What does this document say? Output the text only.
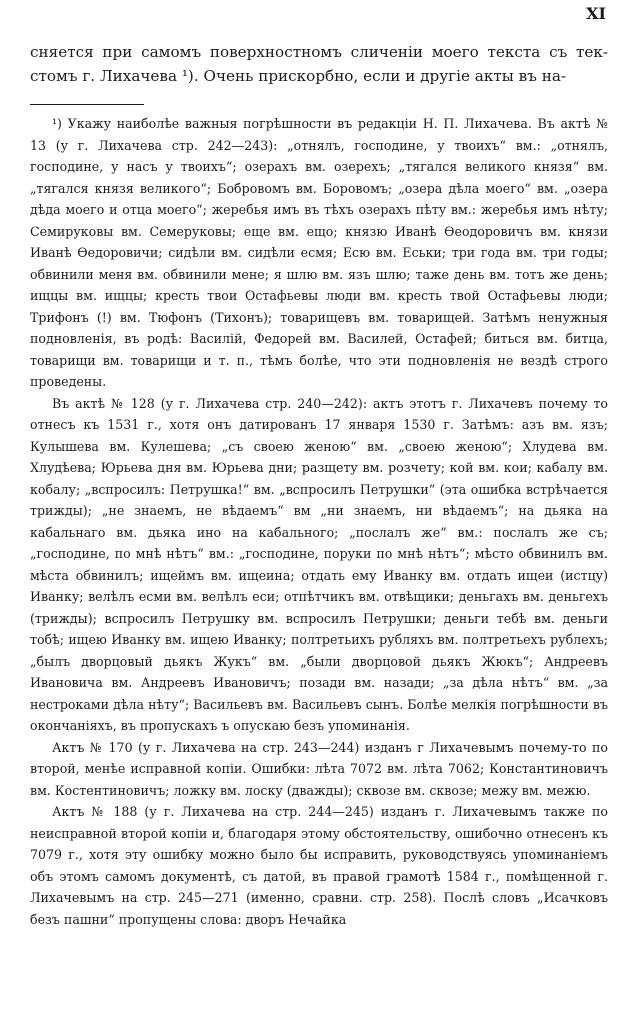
XI

сняется при самомъ поверхностномъ сличеніи моего текста съ тек-

стомъ г. Лихачева ¹). Очень прискорбно, если и другіе акты въ на-

¹) Укажу наиболѣе важныя погрѣшности въ редакціи Н. П. Лихачева. Въ актѣ № 13 (у г. Лихачева стр. 242—243): „отнялъ, господине, у твоихъ“ вм.: „отнялъ, господине, у насъ у твоихъ“; озерахъ вм. озерехъ; „тягался великого князя“ вм. „тягался князя великого“; Бобровомъ вм. Боровомъ; „озера дѣла моего“ вм. „озера дѣда моего и отца моего“; жеребья имъ въ тѣхъ озерахъ пѣту вм.: жеребья имъ нѣту; Семируковы вм. Семеруковы; еще вм. ещо; князю Иванѣ Ѳеодоровичъ вм. князи Иванѣ Ѳедоровичи; сидѣли вм. сидѣли есмя; Есю вм. Еськи; три года вм. три годы; обвинили меня вм. обвинили мене; я шлю вм. язъ шлю; таже день вм. тотъ же день; ищцы вм. ищцы; кресть твои Остафьевы люди вм. кресть твой Остафьевы люди; Трифонъ (!) вм. Тюфонъ (Тихонъ); товарищевъ вм. товарищей. Затѣмъ ненужныя подновленія, въ родѣ: Василій, Федорей вм. Василей, Остафей; биться вм. битца, товарищи вм. товарищи и т. п., тѣмъ болѣе, что эти подновленія не вездѣ строго проведены.

Въ актѣ № 128 (у г. Лихачева стр. 240—242): актъ этотъ г. Лихачевъ почему то отнесъ къ 1531 г., хотя онъ датированъ 17 января 1530 г. Затѣмъ: азъ вм. язъ; Кулышева вм. Кулешева; „съ своею женою“ вм. „своею женою“; Хлудева вм. Хлудѣева; Юрьева дня вм. Юрьева дни; разщету вм. розчету; кой вм. кои; кабалу вм. кобалу; „вспросилъ: Петрушка!“ вм. „вспросилъ Петрушки“ (эта ошибка встрѣчается трижды); „не знаемъ, не вѣдаемъ“ вм „ни знаемъ, ни вѣдаемъ“; на дьяка на кабальнаго вм. дьяка ино на кабального; „послалъ же“ вм.: послалъ же съ; „господине, по мнѣ нѣтъ“ вм.: „господине, поруки по мнѣ нѣтъ“; мѣсто обвинилъ вм. мѣста обвинилъ; ищеймъ вм. ищеина; отдать ему Иванку вм. отдать ищеи (истцу) Иванку; велѣлъ есми вм. велѣлъ еси; отпѣтчикъ вм. отвѣщики; деньгахъ вм. деньгехъ (трижды); вспросилъ Петрушку вм. вспросилъ Петрушки; деньги тебѣ вм. деньги тобѣ; ищею Иванку вм. ищею Иванку; полтретьихъ рубляхъ вм. полтретьехъ рублехъ; „былъ дворцовый дьякъ Жукъ“ вм. „были дворцовой дьякъ Жюкъ“; Андреевъ Ивановича вм. Андреевъ Ивановичъ; позади вм. назади; „за дѣла нѣтъ“ вм. „за нестроками дѣла нѣту“; Васильевъ вм. Васильевъ сынъ. Болѣе мелкія погрѣшности въ окончаніяхъ, въ пропускахъ ъ опускаю безъ упоминанія.

Актъ № 170 (у г. Лихачева на стр. 243—244) изданъ г Лихачевымъ почему-то по второй, менѣе исправной копіи. Ошибки: лѣта 7072 вм. лѣта 7062; Константиновичъ вм. Костентиновичъ; ложку вм. лоску (дважды); сквозе вм. сквозе; межу вм. межю.

Актъ № 188 (у г. Лихачева на стр. 244—245) изданъ г. Лихачевымъ также по неисправной второй копіи и, благодаря этому обстоятельству, ошибочно отнесенъ къ 7079 г., хотя эту ошибку можно было бы исправить, руководствуясь упоминаніемъ объ этомъ самомъ документѣ, съ датой, въ правой грамотѣ 1584 г., помѣщенной г. Лихачевымъ на стр. 245—271 (именно, сравни. стр. 258). Послѣ словъ „Исачковъ безъ пашни“ пропущены слова: дворъ Нечайка
